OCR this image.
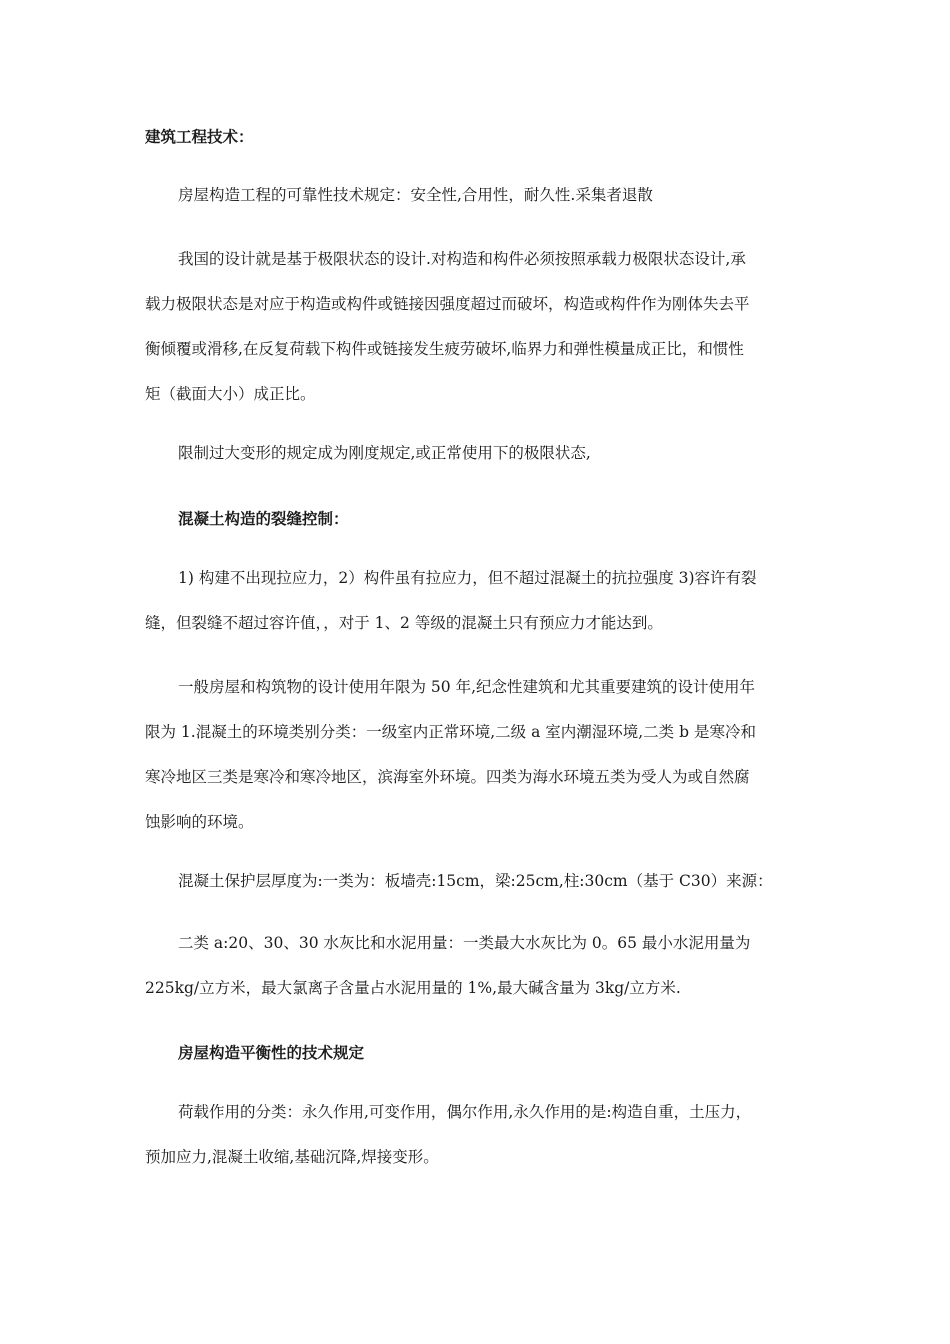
建筑工程技术：

房屋构造工程的可靠性技术规定：安全性,合用性，耐久性.采集者退散

我国的设计就是基于极限状态的设计.对构造和构件必须按照承载力极限状态设计,承
载力极限状态是对应于构造或构件或链接因强度超过而破坏，构造或构件作为刚体失去平
衡倾覆或滑移,在反复荷载下构件或链接发生疲劳破坏,临界力和弹性模量成正比，和惯性
矩（截面大小）成正比。

限制过大变形的规定成为刚度规定,或正常使用下的极限状态,

混凝土构造的裂缝控制：

1) 构建不出现拉应力，2）构件虽有拉应力，但不超过混凝土的抗拉强度 3)容许有裂
缝，但裂缝不超过容许值，，对于 1、2 等级的混凝土只有预应力才能达到。

一般房屋和构筑物的设计使用年限为 50 年,纪念性建筑和尤其重要建筑的设计使用年
限为 1.混凝土的环境类别分类：一级室内正常环境,二级 a 室内潮湿环境,二类 b 是寒冷和
寒冷地区三类是寒冷和寒冷地区，滨海室外环境。四类为海水环境五类为受人为或自然腐
蚀影响的环境。

混凝土保护层厚度为:一类为：板墙壳:15cm，梁:25cm,柱:30cm（基于 C30）来源：

二类 a:20、30、30 水灰比和水泥用量：一类最大水灰比为 0。65 最小水泥用量为
225kg/立方米，最大氯离子含量占水泥用量的 1%,最大碱含量为 3kg/立方米.

房屋构造平衡性的技术规定

荷载作用的分类：永久作用,可变作用，偶尔作用,永久作用的是:构造自重，土压力，
预加应力,混凝土收缩,基础沉降,焊接变形。
